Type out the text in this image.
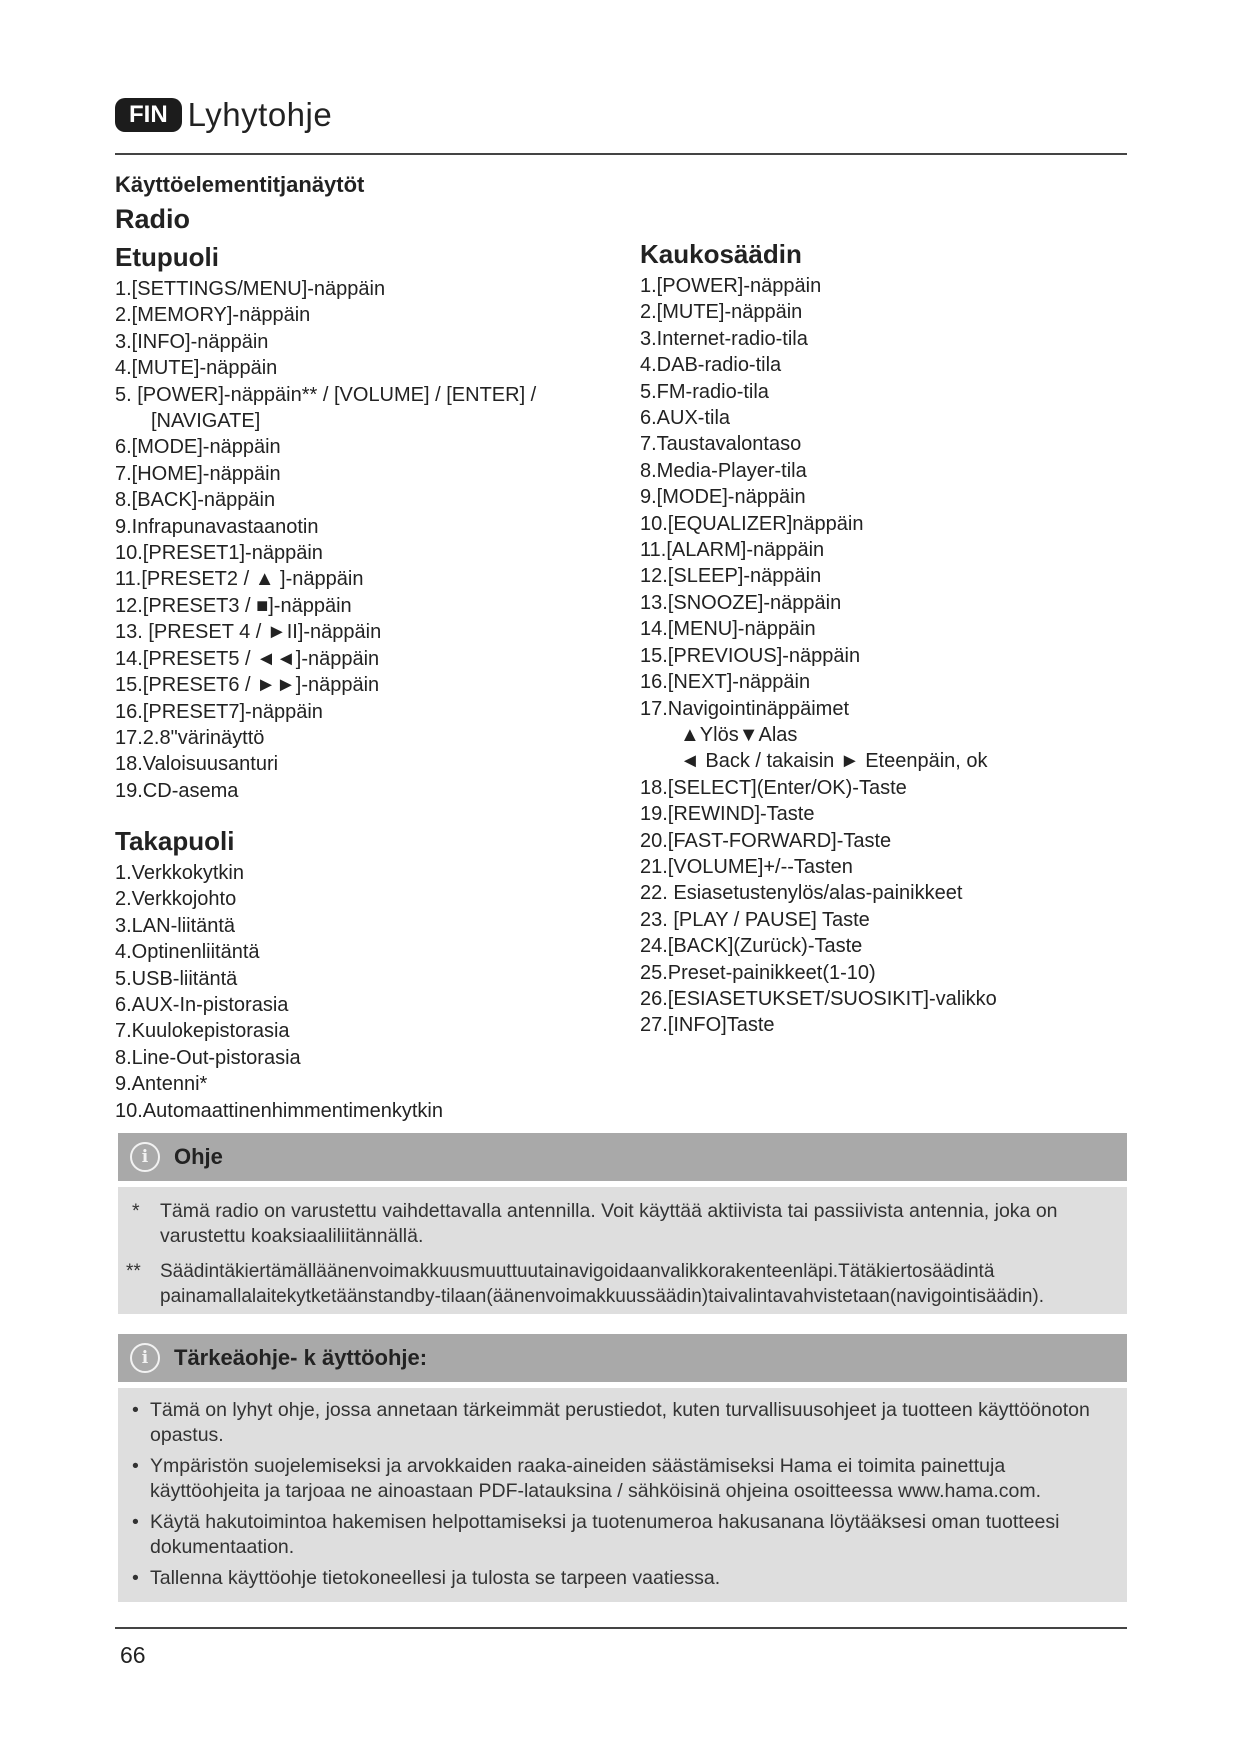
FIN Lyhytohje
Käyttöelementitjanäytöt
Radio
Etupuoli
1.[SETTINGS/MENU]-näppäin
2.[MEMORY]-näppäin
3.[INFO]-näppäin
4.[MUTE]-näppäin
5. [POWER]-näppäin** / [VOLUME] / [ENTER] /
[NAVIGATE]
6.[MODE]-näppäin
7.[HOME]-näppäin
8.[BACK]-näppäin
9.Infrapunavastaanotin
10.[PRESET1]-näppäin
11.[PRESET2 / ▲ ]-näppäin
12.[PRESET3 / ■]-näppäin
13. [PRESET 4 / ►II]-näppäin
14.[PRESET5 / ◄◄]-näppäin
15.[PRESET6 / ►►]-näppäin
16.[PRESET7]-näppäin
17.2.8"värinäyttö
18.Valoisuusanturi
19.CD-asema
Takapuoli
1.Verkkokytkin
2.Verkkojohto
3.LAN-liitäntä
4.Optinenliitäntä
5.USB-liitäntä
6.AUX-In-pistorasia
7.Kuulokepistorasia
8.Line-Out-pistorasia
9.Antenni*
10.Automaattinenhimmentimenkytkin
Kaukosäädin
1.[POWER]-näppäin
2.[MUTE]-näppäin
3.Internet-radio-tila
4.DAB-radio-tila
5.FM-radio-tila
6.AUX-tila
7.Taustavalontaso
8.Media-Player-tila
9.[MODE]-näppäin
10.[EQUALIZER]näppäin
11.[ALARM]-näppäin
12.[SLEEP]-näppäin
13.[SNOOZE]-näppäin
14.[MENU]-näppäin
15.[PREVIOUS]-näppäin
16.[NEXT]-näppäin
17.Navigointinäppäimet
▲Ylös▼Alas
◄ Back / takaisin ► Eteenpäin, ok
18.[SELECT](Enter/OK)-Taste
19.[REWIND]-Taste
20.[FAST-FORWARD]-Taste
21.[VOLUME]+/--Tasten
22. Esiasetustenylös/alas-painikkeet
23. [PLAY / PAUSE] Taste
24.[BACK](Zurück)-Taste
25.Preset-painikkeet(1-10)
26.[ESIASETUKSET/SUOSIKIT]-valikko
27.[INFO]Taste
i	Ohje
* Tämä radio on varustettu vaihdettavalla antennilla. Voit käyttää aktiivista tai passiivista antennia, joka on varustettu koaksiaaliliitännällä.
** Säädintäkiertämälläänenvoimakkuusmuuttuutainavigoidaanvalikkorakenteenläpi.Tätäkiertosäädintä painamallalaitekytketäänstandby-tilaan(äänenvoimakkuussäädin)taivalintavahvistetaan(navigointisäädin).
i	Tärkeäohje- k äyttöohje:
• Tämä on lyhyt ohje, jossa annetaan tärkeimmät perustiedot, kuten turvallisuusohjeet ja tuotteen käyttöönoton opastus.
• Ympäristön suojelemiseksi ja arvokkaiden raaka-aineiden säästämiseksi Hama ei toimita painettuja käyttöohjeita ja tarjoaa ne ainoastaan PDF-latauksina / sähköisinä ohjeina osoitteessa www.hama.com.
• Käytä hakutoimintoa hakemisen helpottamiseksi ja tuotenumeroa hakusanana löytääksesi oman tuotteesi dokumentaation.
• Tallenna käyttöohje tietokoneellesi ja tulosta se tarpeen vaatiessa.
66
